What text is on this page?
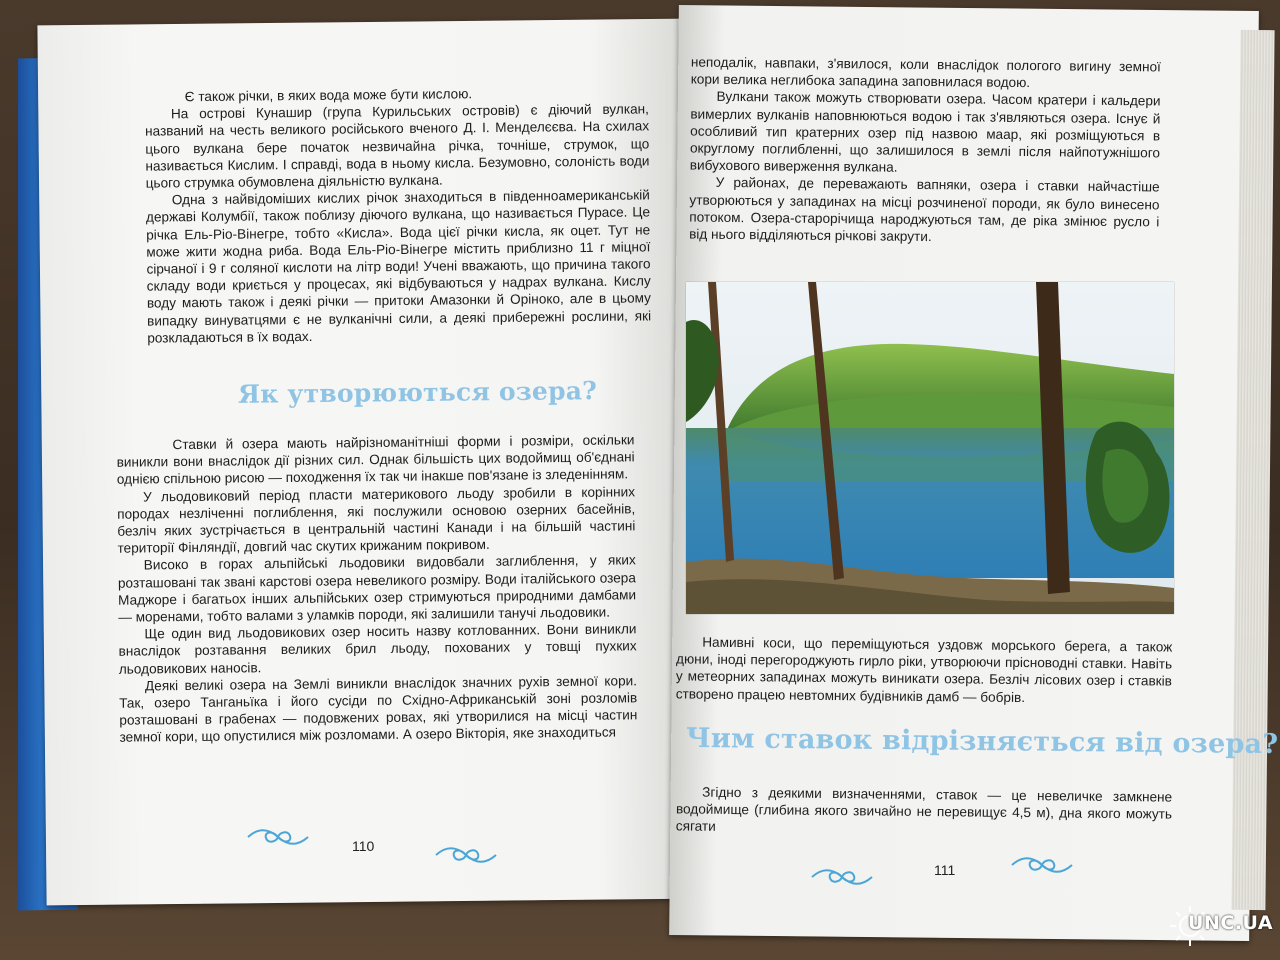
Є також річки, в яких вода може бути кислою.

На острові Кунашир (група Курильських островів) є діючий вулкан, названий на честь великого російського вченого Д. І. Менделєєва. На схилах цього вулкана бере початок незвичайна річка, точніше, струмок, що називається Кислим. І справді, вода в ньому кисла. Безумовно, солоність води цього струмка обумовлена діяльністю вулкана.

Одна з найвідоміших кислих річок знаходиться в південноамериканській державі Колумбії, також поблизу діючого вулкана, що називається Пурасе. Це річка Ель-Ріо-Вінегре, тобто «Кисла». Вода цієї річки кисла, як оцет. Тут не може жити жодна риба. Вода Ель-Ріо-Вінегре містить приблизно 11 г міцної сірчаної і 9 г соляної кислоти на літр води! Учені вважають, що причина такого складу води криється у процесах, які відбуваються у надрах вулкана. Кислу воду мають також і деякі річки — притоки Амазонки й Оріноко, але в цьому випадку винуватцями є не вулканічні сили, а деякі прибережні рослини, які розкладаються в їх водах.

Як утворюються озера?

Ставки й озера мають найрізноманітніші форми і розміри, оскільки виникли вони внаслідок дії різних сил. Однак більшість цих водоймищ об'єднані однією спільною рисою — походження їх так чи інакше пов'язане із зледенінням.

У льодовиковий період пласти материкового льоду зробили в корінних породах незліченні поглиблення, які послужили основою озерних басейнів, безліч яких зустрічається в центральній частині Канади і на більшій частині території Фінляндії, довгий час скутих крижаним покривом.

Високо в горах альпійські льодовики видовбали заглиблення, у яких розташовані так звані карстові озера невеликого розміру. Води італійського озера Маджоре і багатьох інших альпійських озер стримуються природними дамбами — моренами, тобто валами з уламків породи, які залишили танучі льодовики.

Ще один вид льодовикових озер носить назву котлованних. Вони виникли внаслідок розтавання великих брил льоду, похованих у товщі пухких льодовикових наносів.

Деякі великі озера на Землі виникли внаслідок значних рухів земної кори. Так, озеро Танганьїка і його сусіди по Східно-Африканській зоні розломів розташовані в грабенах — подовжених ровах, які утворилися на місці частин земної кори, що опустилися між розломами. А озеро Вікторія, яке знаходиться

110

неподалік, навпаки, з'явилося, коли внаслідок пологого вигину земної кори велика неглибока западина заповнилася водою.

Вулкани також можуть створювати озера. Часом кратери і кальдери вимерлих вулканів наповнюються водою і так з'являються озера. Існує й особливий тип кратерних озер під назвою маар, які розміщуються в округлому поглибленні, що залишилося в землі після найпотужнішого вибухового виверження вулкана.

У районах, де переважають вапняки, озера і ставки найчастіше утворюються у западинах на місці розчиненої породи, як було винесено потоком. Озера-старорічища народжуються там, де ріка змінює русло і від нього відділяються річкові закрути.

Намивні коси, що переміщуються уздовж морського берега, а також дюни, іноді перегороджують гирло ріки, утворюючи прісноводні ставки. Навіть у метеорних западинах можуть виникати озера. Безліч лісових озер і ставків створено працею невтомних будівників дамб — бобрів.

Чим ставок відрізняється від озера?

Згідно з деякими визначеннями, ставок — це невеличке замкнене водоймище (глибина якого звичайно не перевищує 4,5 м), дна якого можуть сягати

111
UNC.UA
